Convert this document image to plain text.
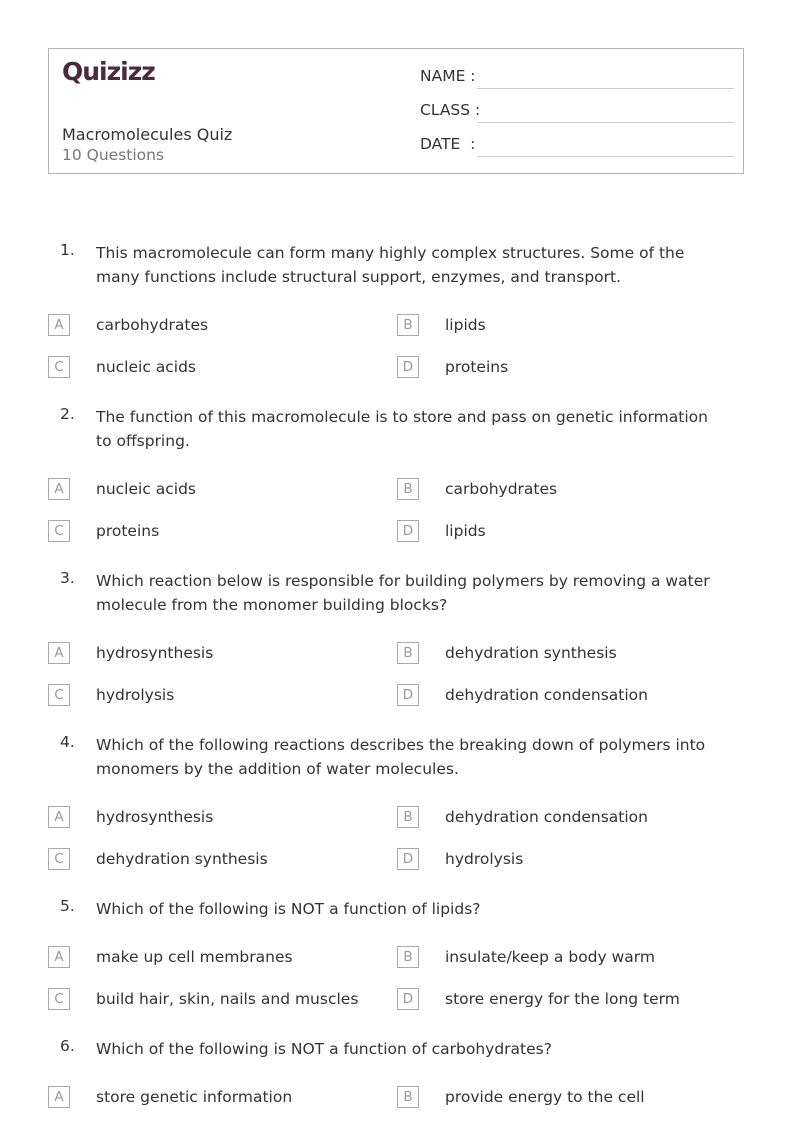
Quizizz
Macromolecules Quiz
10 Questions
NAME :
CLASS :
DATE  :
1. This macromolecule can form many highly complex structures. Some of the many functions include structural support, enzymes, and transport.
A	carbohydrates	B	lipids
C	nucleic acids	D	proteins
2. The function of this macromolecule is to store and pass on genetic information to offspring.
A	nucleic acids	B	carbohydrates
C	proteins	D	lipids
3. Which reaction below is responsible for building polymers by removing a water molecule from the monomer building blocks?
A	hydrosynthesis	B	dehydration synthesis
C	hydrolysis	D	dehydration condensation
4. Which of the following reactions describes the breaking down of polymers into monomers by the addition of water molecules.
A	hydrosynthesis	B	dehydration condensation
C	dehydration synthesis	D	hydrolysis
5. Which of the following is NOT a function of lipids?
A	make up cell membranes	B	insulate/keep a body warm
C	build hair, skin, nails and muscles	D	store energy for the long term
6. Which of the following is NOT a function of carbohydrates?
A	store genetic information	B	provide energy to the cell
